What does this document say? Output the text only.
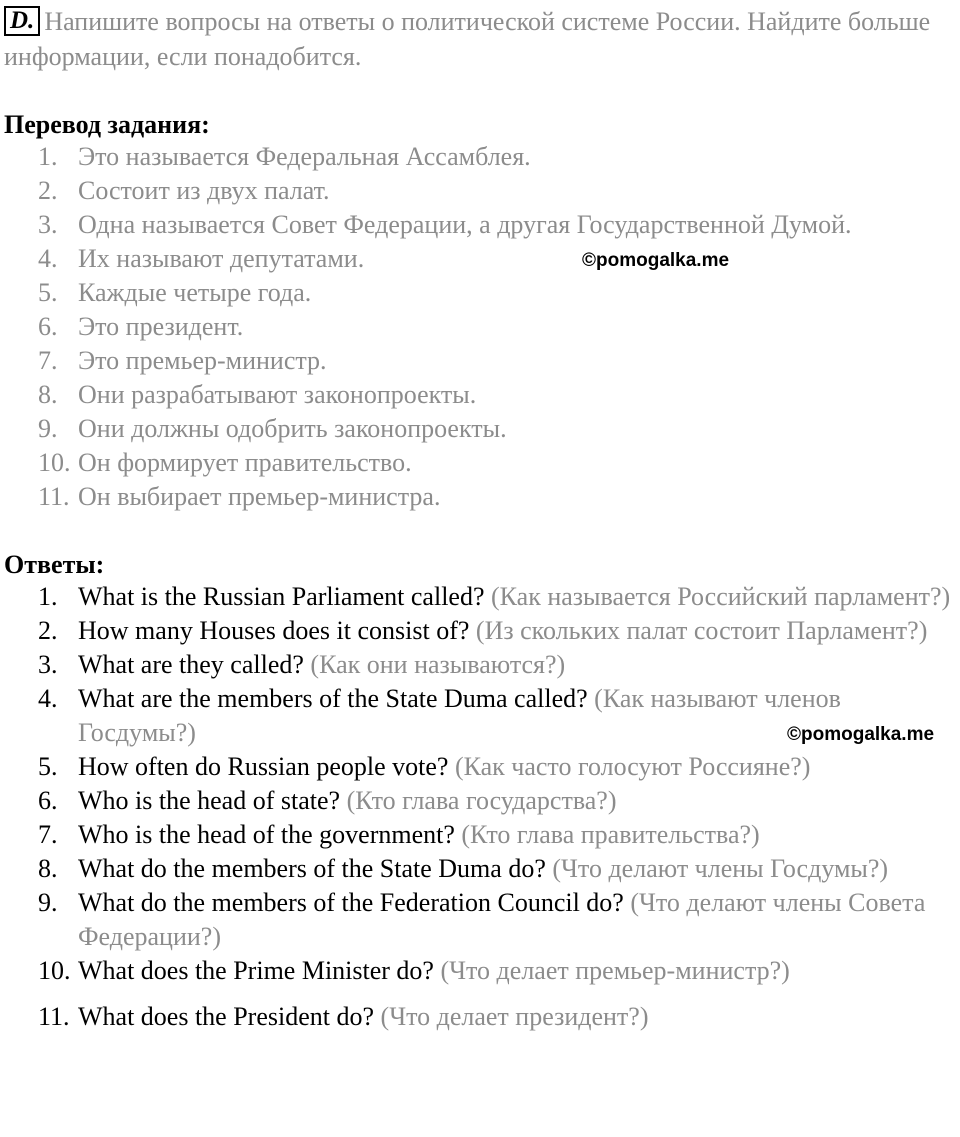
D. Напишите вопросы на ответы о политической системе России. Найдите больше информации, если понадобится.
Перевод задания:
1. Это называется Федеральная Ассамблея.
2. Состоит из двух палат.
3. Одна называется Совет Федерации, а другая Государственной Думой.
4. Их называют депутатами.
5. Каждые четыре года.
6. Это президент.
7. Это премьер-министр.
8. Они разрабатывают законопроекты.
9. Они должны одобрить законопроекты.
10. Он формирует правительство.
11. Он выбирает премьер-министра.
©pomogalka.me
Ответы:
1. What is the Russian Parliament called? (Как называется Российский парламент?)
2. How many Houses does it consist of? (Из скольких палат состоит Парламент?)
3. What are they called? (Как они называются?)
4. What are the members of the State Duma called? (Как называют членов Госдумы?)
5. How often do Russian people vote? (Как часто голосуют Россияне?)
6. Who is the head of state? (Кто глава государства?)
7. Who is the head of the government? (Кто глава правительства?)
8. What do the members of the State Duma do? (Что делают члены Госдумы?)
9. What do the members of the Federation Council do? (Что делают члены Совета Федерации?)
10. What does the Prime Minister do? (Что делает премьер-министр?)
11. What does the President do? (Что делает президент?)
©pomogalka.me
